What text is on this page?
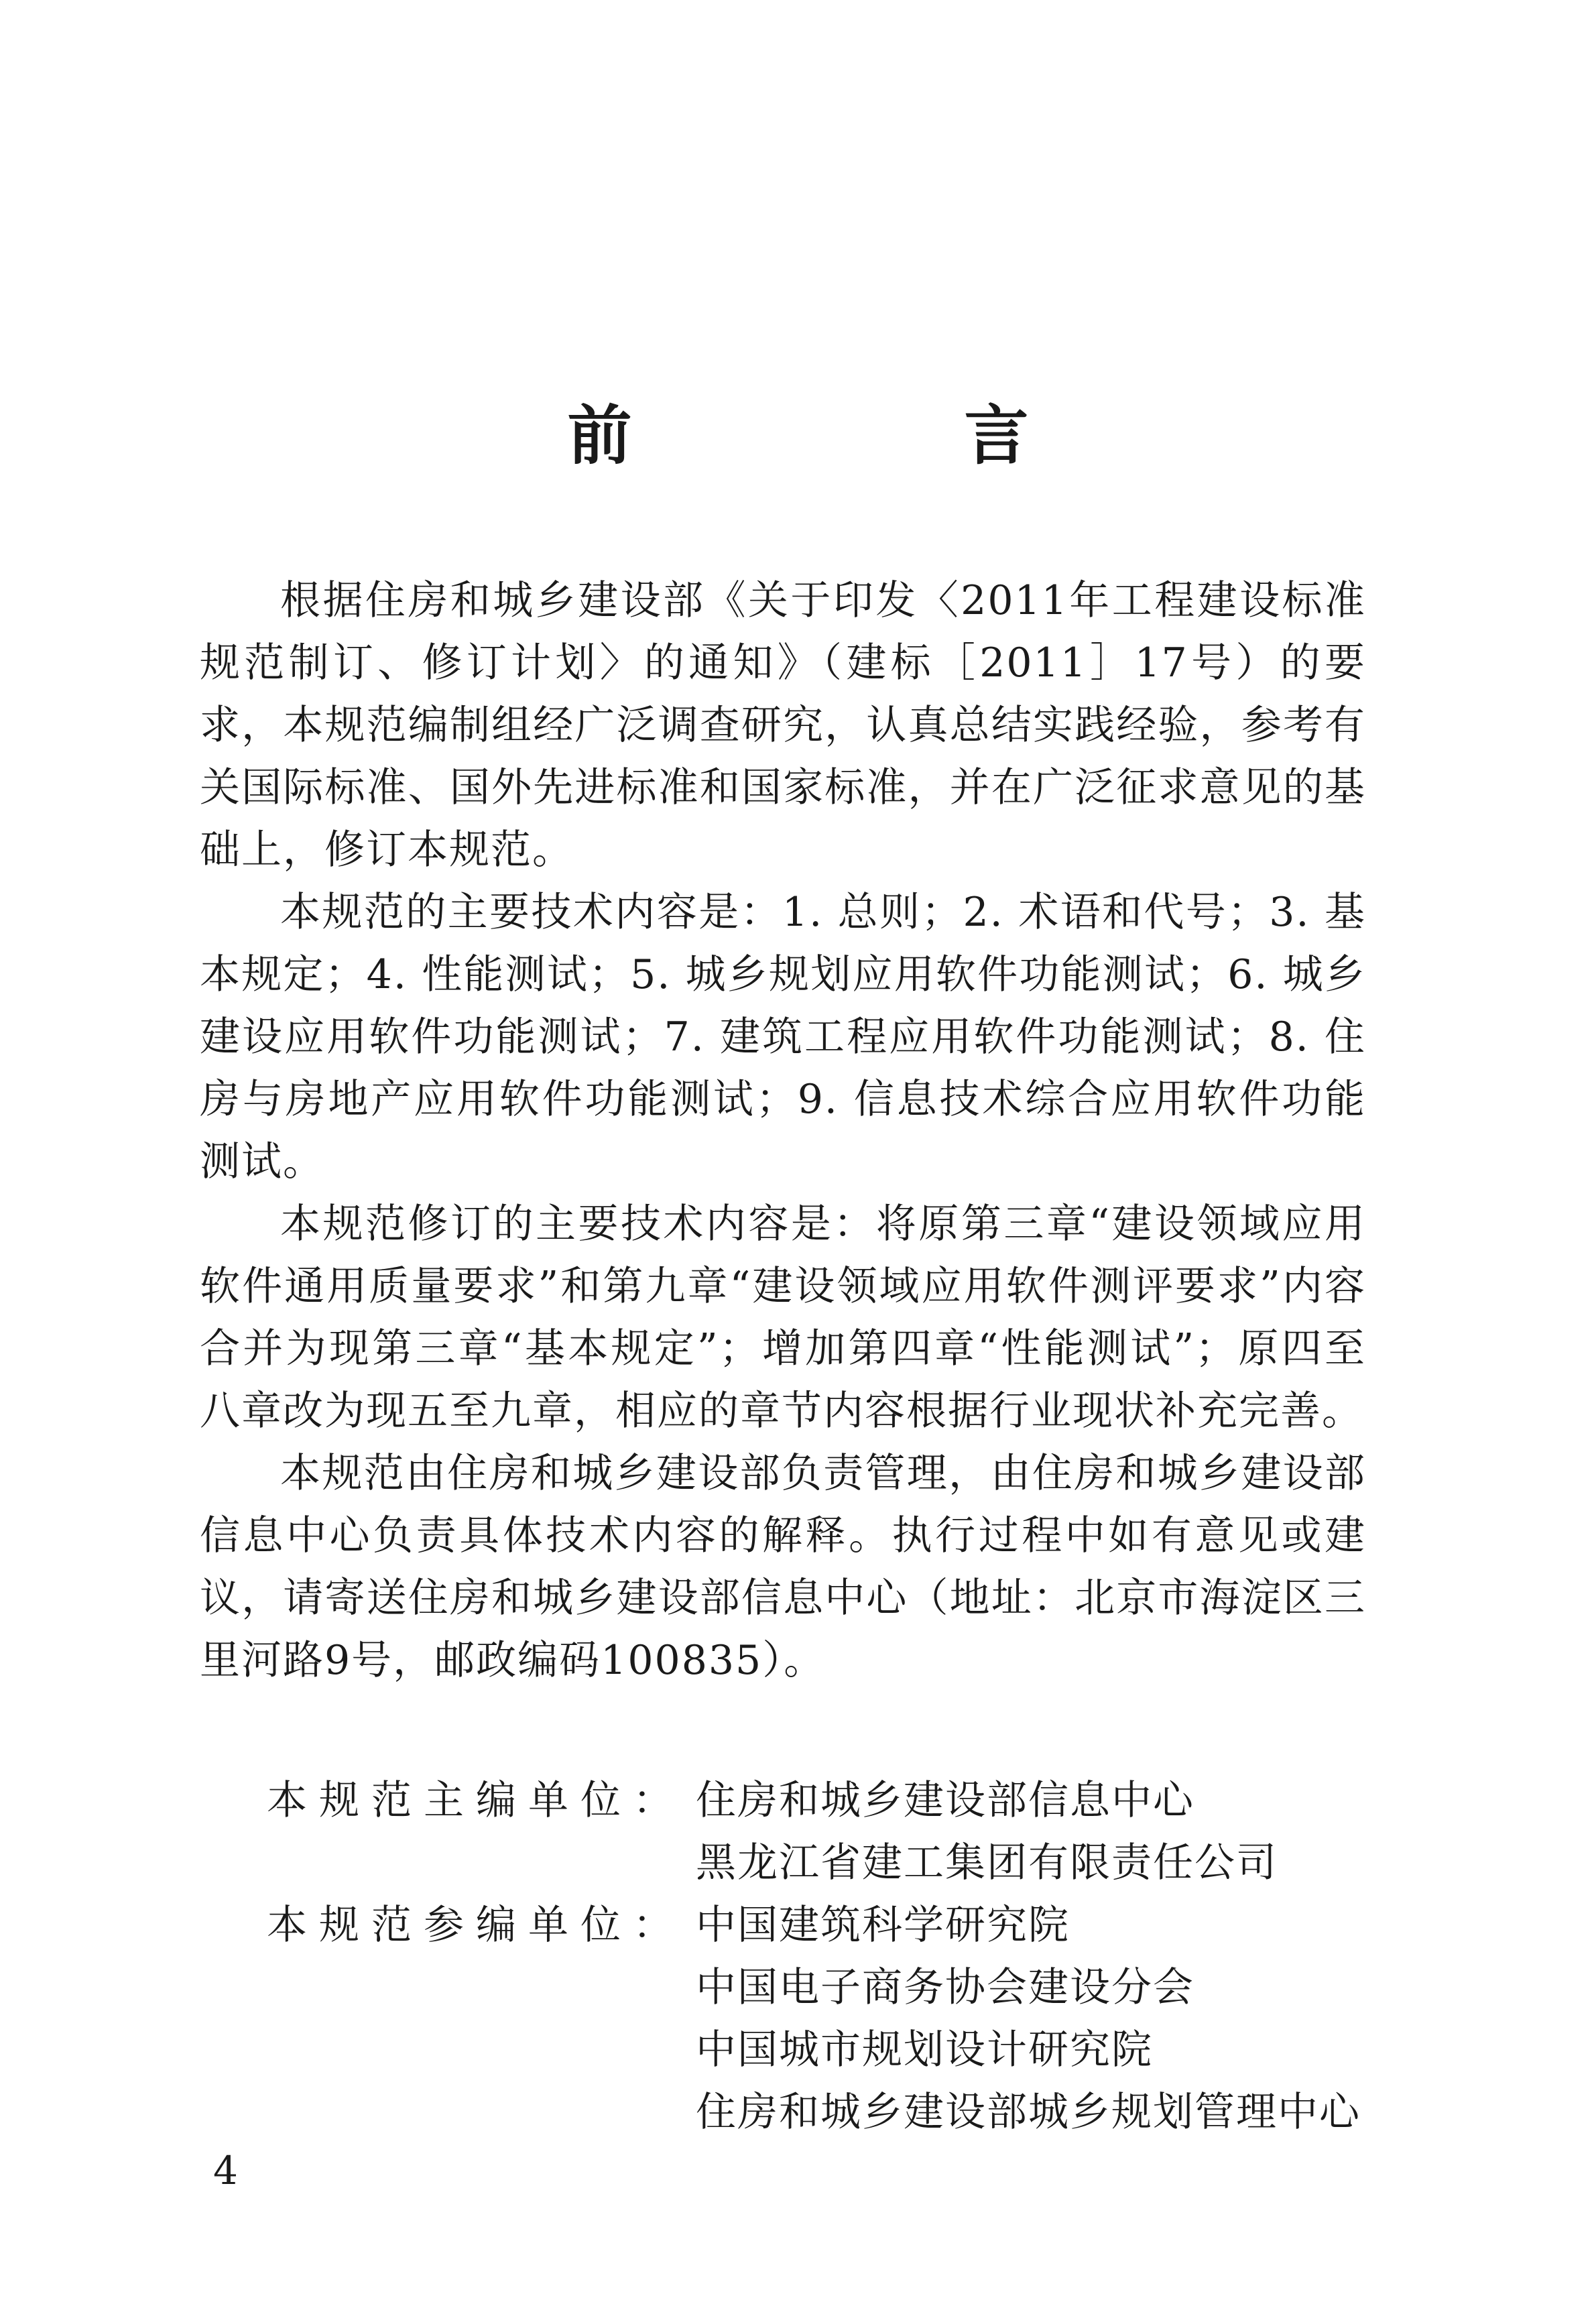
前　言

根据住房和城乡建设部《关于印发〈2011年工程建设标准规范制订、修订计划〉的通知》（建标［2011］17号）的要求，本规范编制组经广泛调查研究，认真总结实践经验，参考有关国际标准、国外先进标准和国家标准，并在广泛征求意见的基础上，修订本规范。

本规范的主要技术内容是：1. 总则；2. 术语和代号；3. 基本规定；4. 性能测试；5. 城乡规划应用软件功能测试；6. 城乡建设应用软件功能测试；7. 建筑工程应用软件功能测试；8. 住房与房地产应用软件功能测试；9. 信息技术综合应用软件功能测试。

本规范修订的主要技术内容是：将原第三章“建设领域应用软件通用质量要求”和第九章“建设领域应用软件测评要求”内容合并为现第三章“基本规定”；增加第四章“性能测试”；原四至八章改为现五至九章，相应的章节内容根据行业现状补充完善。

本规范由住房和城乡建设部负责管理，由住房和城乡建设部信息中心负责具体技术内容的解释。执行过程中如有意见或建议，请寄送住房和城乡建设部信息中心（地址：北京市海淀区三里河路9号，邮政编码100835）。

本规范主编单位： 住房和城乡建设部信息中心
黑龙江省建工集团有限责任公司
本规范参编单位： 中国建筑科学研究院
中国电子商务协会建设分会
中国城市规划设计研究院
住房和城乡建设部城乡规划管理中心
4
